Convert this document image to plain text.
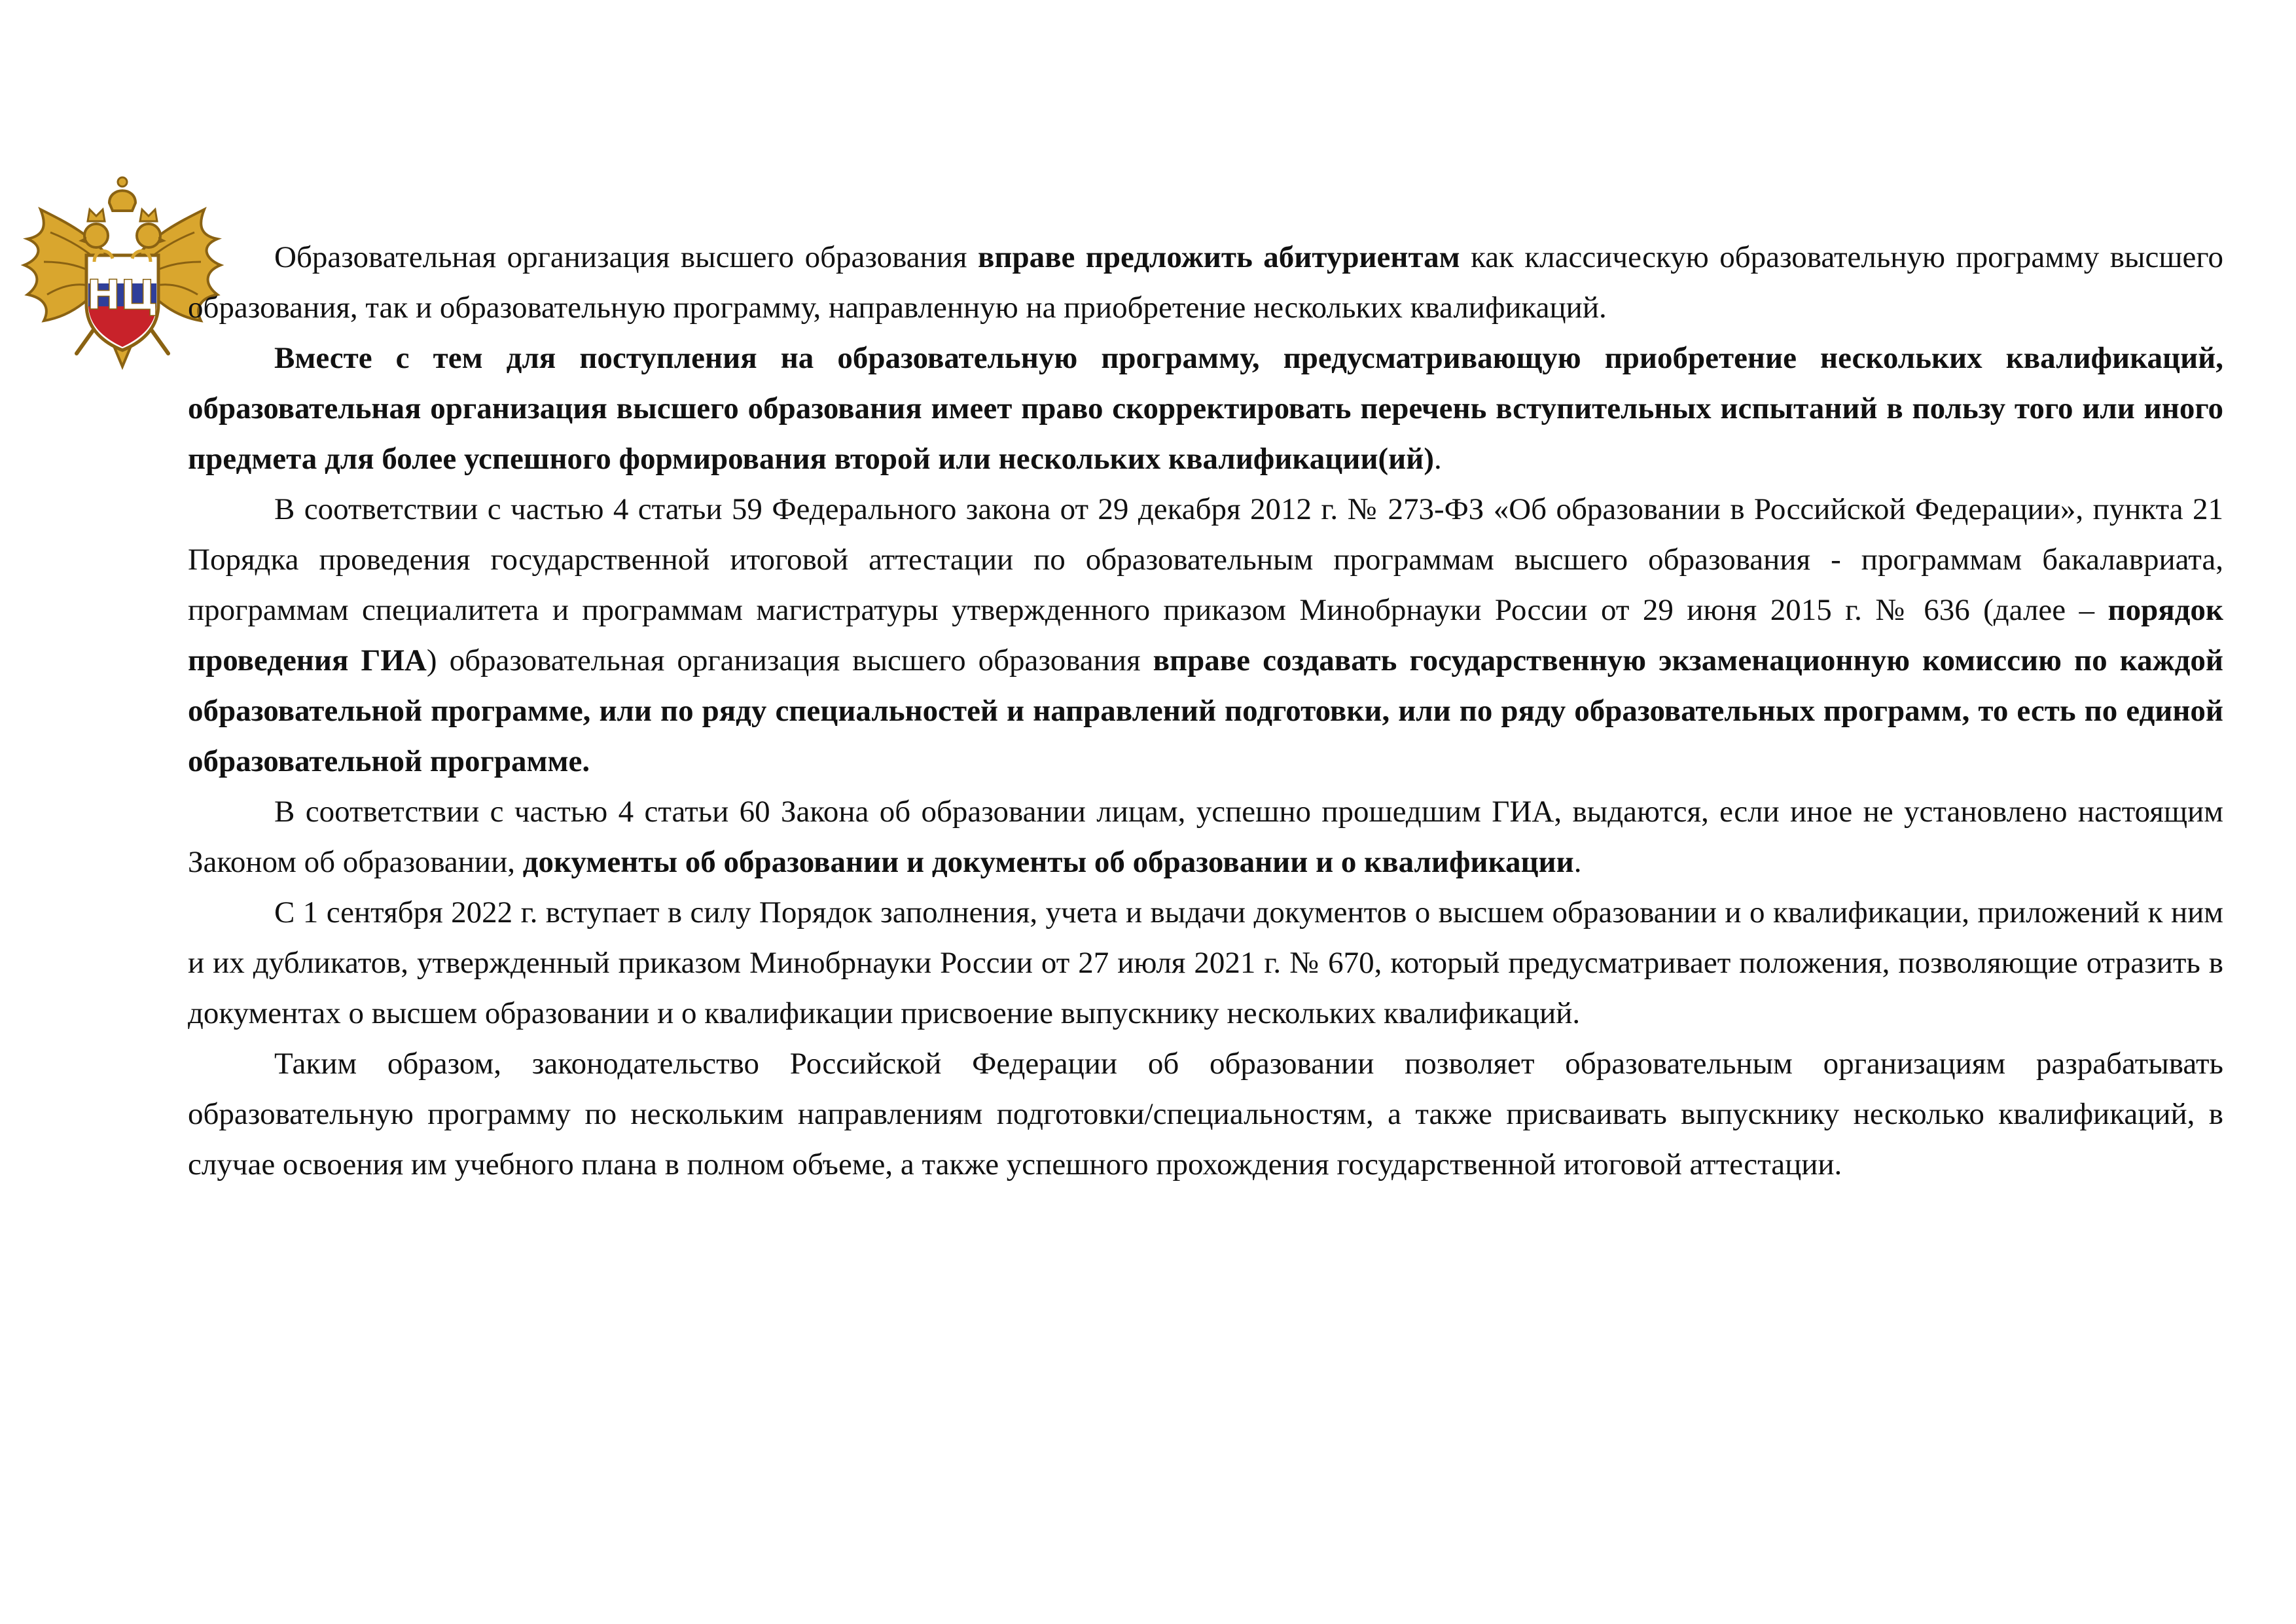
НЦ

Образовательная организация высшего образования вправе предложить абитуриентам как классическую образовательную программу высшего образования, так и образовательную программу, направленную на приобретение нескольких квалификаций.

Вместе с тем для поступления на образовательную программу, предусматривающую приобретение нескольких квалификаций, образовательная организация высшего образования имеет право скорректировать перечень вступительных испытаний в пользу того или иного предмета для более успешного формирования второй или нескольких квалификации(ий).

В соответствии с частью 4 статьи 59 Федерального закона от 29 декабря 2012 г. № 273-ФЗ «Об образовании в Российской Федерации», пункта 21 Порядка проведения государственной итоговой аттестации по образовательным программам высшего образования - программам бакалавриата, программам специалитета и программам магистратуры утвержденного приказом Минобрнауки России от 29 июня 2015 г. № 636 (далее – порядок проведения ГИА) образовательная организация высшего образования вправе создавать государственную экзаменационную комиссию по каждой образовательной программе, или по ряду специальностей и направлений подготовки, или по ряду образовательных программ, то есть по единой образовательной программе.

В соответствии с частью 4 статьи 60 Закона об образовании лицам, успешно прошедшим ГИА, выдаются, если иное не установлено настоящим Законом об образовании, документы об образовании и документы об образовании и о квалификации.

С 1 сентября 2022 г. вступает в силу Порядок заполнения, учета и выдачи документов о высшем образовании и о квалификации, приложений к ним и их дубликатов, утвержденный приказом Минобрнауки России от 27 июля 2021 г. № 670, который предусматривает положения, позволяющие отразить в документах о высшем образовании и о квалификации присвоение выпускнику нескольких квалификаций.

Таким образом, законодательство Российской Федерации об образовании позволяет образовательным организациям разрабатывать образовательную программу по нескольким направлениям подготовки/специальностям, а также присваивать выпускнику несколько квалификаций, в случае освоения им учебного плана в полном объеме, а также успешного прохождения государственной итоговой аттестации.
